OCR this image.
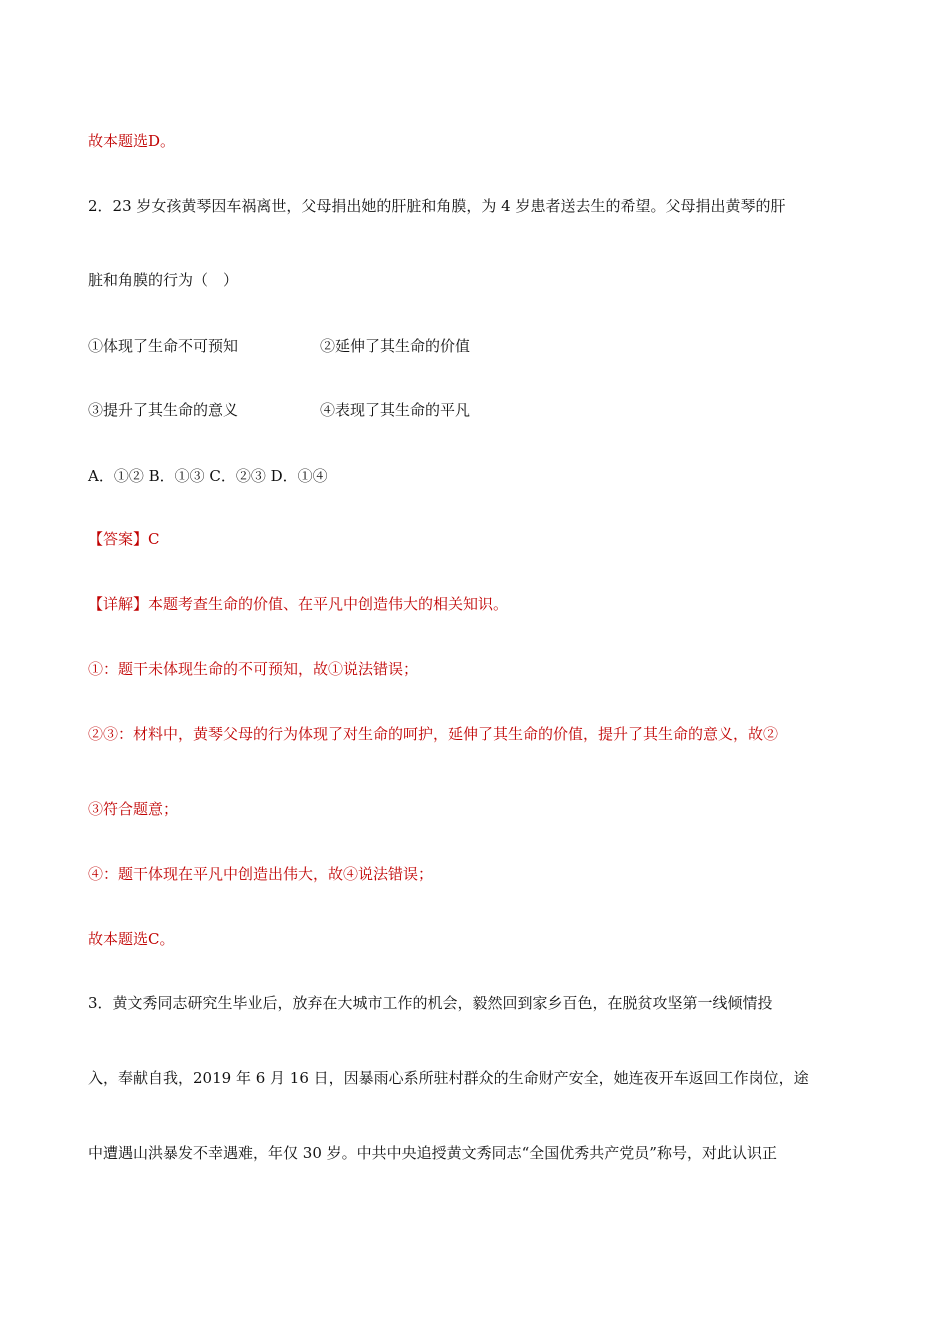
故本题选D。
2．23 岁女孩黄琴因车祸离世，父母捐出她的肝脏和角膜，为 4 岁患者送去生的希望。父母捐出黄琴的肝
脏和角膜的行为（　）
①体现了生命不可预知	②延伸了其生命的价值
③提升了其生命的意义	④表现了其生命的平凡
A．①② B．①③ C．②③ D．①④
【答案】C
【详解】本题考查生命的价值、在平凡中创造伟大的相关知识。
①：题干未体现生命的不可预知，故①说法错误；
②③：材料中，黄琴父母的行为体现了对生命的呵护，延伸了其生命的价值，提升了其生命的意义，故②
③符合题意；
④：题干体现在平凡中创造出伟大，故④说法错误；
故本题选C。
3．黄文秀同志研究生毕业后，放弃在大城市工作的机会，毅然回到家乡百色，在脱贫攻坚第一线倾情投
入，奉献自我，2019 年 6 月 16 日，因暴雨心系所驻村群众的生命财产安全，她连夜开车返回工作岗位，途
中遭遇山洪暴发不幸遇难，年仅 30 岁。中共中央追授黄文秀同志“全国优秀共产党员”称号，对此认识正
